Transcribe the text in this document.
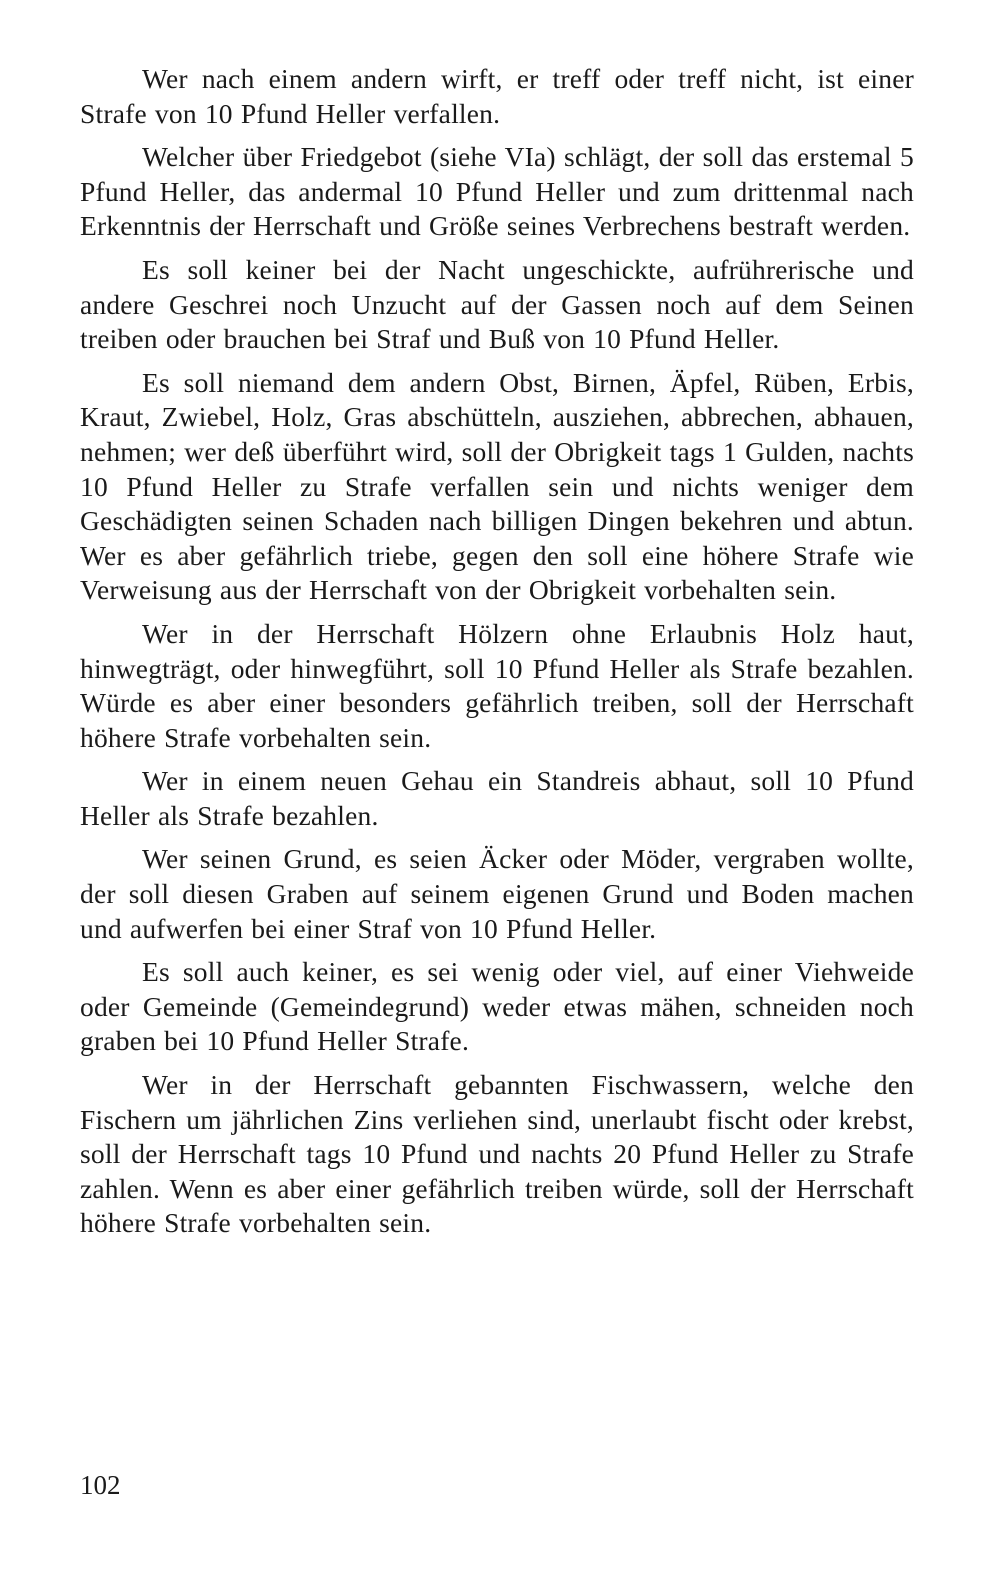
Wer nach einem andern wirft, er treff oder treff nicht, ist einer Strafe von 10 Pfund Heller verfallen.

Welcher über Friedgebot (siehe VIa) schlägt, der soll das erstemal 5 Pfund Heller, das andermal 10 Pfund Heller und zum drittenmal nach Erkenntnis der Herrschaft und Größe seines Verbrechens bestraft werden.

Es soll keiner bei der Nacht ungeschickte, aufrührerische und andere Geschrei noch Unzucht auf der Gassen noch auf dem Seinen treiben oder brauchen bei Straf und Buß von 10 Pfund Heller.

Es soll niemand dem andern Obst, Birnen, Äpfel, Rüben, Erbis, Kraut, Zwiebel, Holz, Gras abschütteln, ausziehen, abbrechen, abhauen, nehmen; wer deß überführt wird, soll der Obrigkeit tags 1 Gulden, nachts 10 Pfund Heller zu Strafe verfallen sein und nichts weniger dem Geschädigten seinen Schaden nach billigen Dingen bekehren und abtun. Wer es aber gefährlich triebe, gegen den soll eine höhere Strafe wie Verweisung aus der Herrschaft von der Obrigkeit vorbehalten sein.

Wer in der Herrschaft Hölzern ohne Erlaubnis Holz haut, hinwegträgt, oder hinwegführt, soll 10 Pfund Heller als Strafe bezahlen. Würde es aber einer besonders gefährlich treiben, soll der Herrschaft höhere Strafe vorbehalten sein.

Wer in einem neuen Gehau ein Standreis abhaut, soll 10 Pfund Heller als Strafe bezahlen.

Wer seinen Grund, es seien Äcker oder Möder, vergraben wollte, der soll diesen Graben auf seinem eigenen Grund und Boden machen und aufwerfen bei einer Straf von 10 Pfund Heller.

Es soll auch keiner, es sei wenig oder viel, auf einer Viehweide oder Gemeinde (Gemeindegrund) weder etwas mähen, schneiden noch graben bei 10 Pfund Heller Strafe.

Wer in der Herrschaft gebannten Fischwassern, welche den Fischern um jährlichen Zins verliehen sind, unerlaubt fischt oder krebst, soll der Herrschaft tags 10 Pfund und nachts 20 Pfund Heller zu Strafe zahlen. Wenn es aber einer gefährlich treiben würde, soll der Herrschaft höhere Strafe vorbehalten sein.

102
